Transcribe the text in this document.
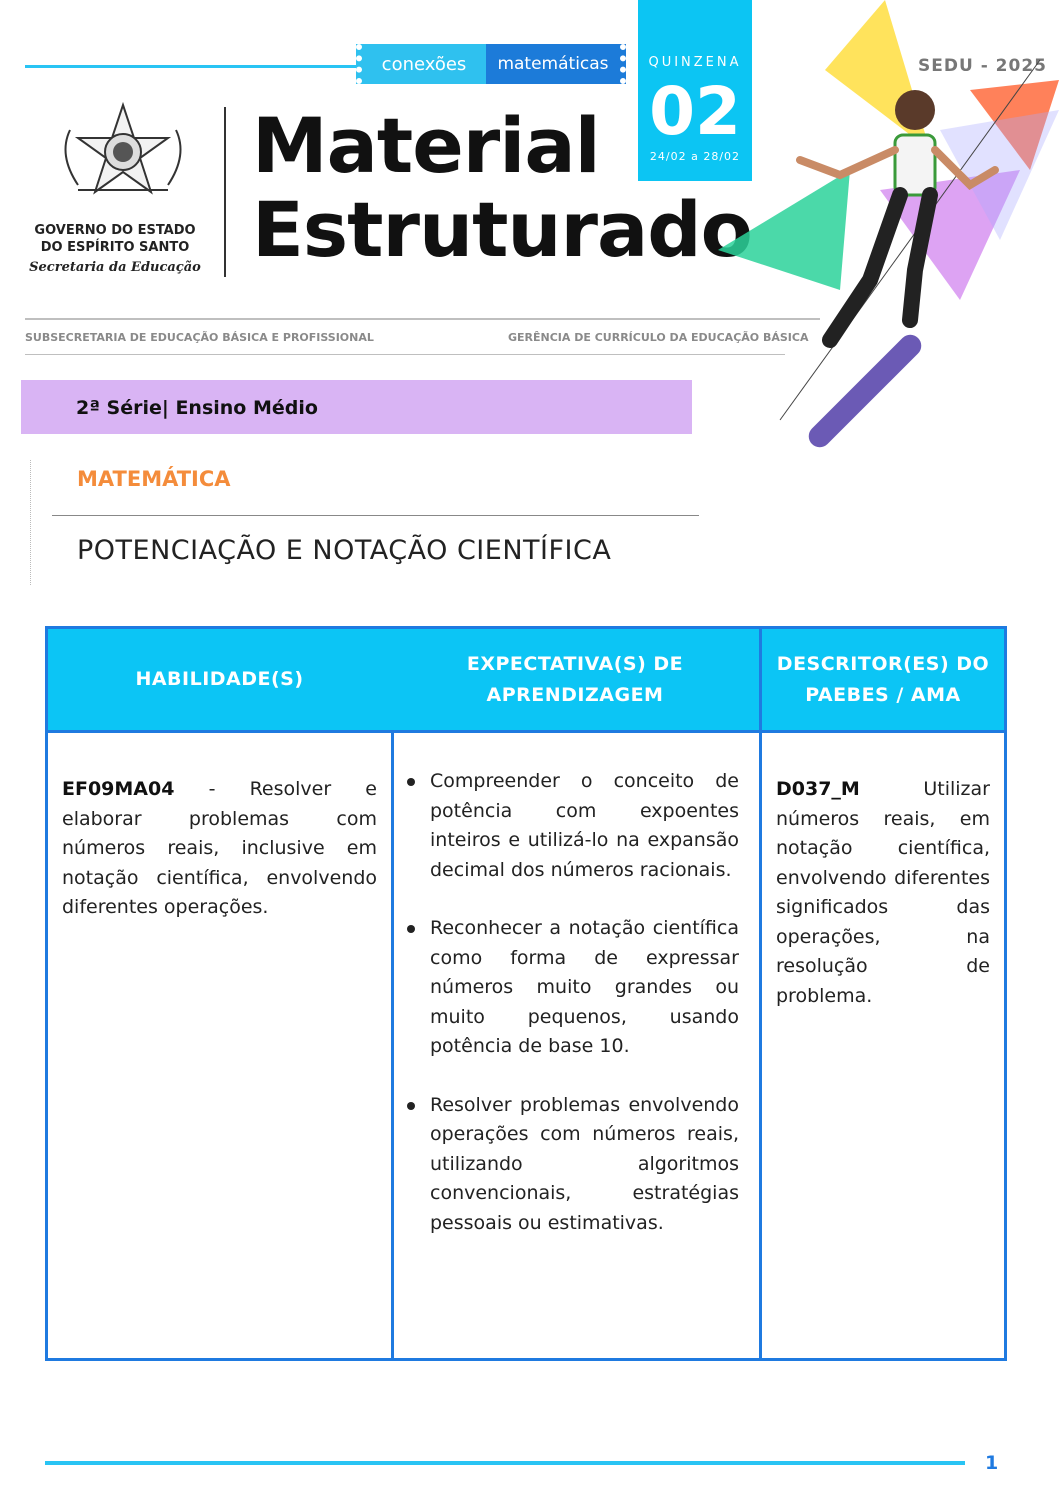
conexões matemáticas	QUINZENA
02
24/02 a 28/02
SEDU - 2025
GOVERNO DO ESTADO
DO ESPÍRITO SANTO
Secretaria da Educação
Material
Estruturado
SUBSECRETARIA DE EDUCAÇÃO BÁSICA E PROFISSIONAL	GERÊNCIA DE CURRÍCULO DA EDUCAÇÃO BÁSICA
2ª Série| Ensino Médio
MATEMÁTICA
POTENCIAÇÃO E NOTAÇÃO CIENTÍFICA
HABILIDADE(S)
EF09MA04 - Resolver e elaborar problemas com números reais, inclusive em notação científica, envolvendo diferentes operações.
EXPECTATIVA(S) DE
APRENDIZAGEM
Compreender o conceito de potência com expoentes inteiros e utilizá-lo na expansão decimal dos números racionais.
Reconhecer a notação científica como forma de expressar números muito grandes ou muito pequenos, usando potência de base 10.
Resolver problemas envolvendo operações com números reais, utilizando algoritmos convencionais, estratégias pessoais ou estimativas.
DESCRITOR(ES) DO
PAEBES / AMA
D037_M Utilizar números reais, em notação científica, envolvendo diferentes significados das operações, na resolução de problema.
1
